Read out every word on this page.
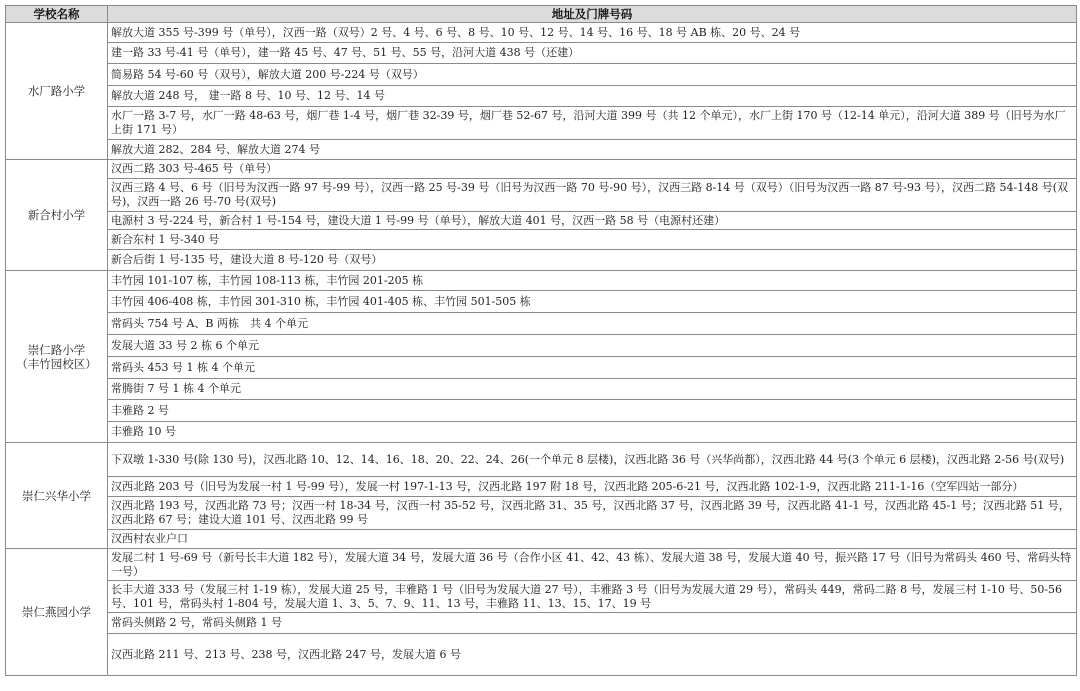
学校名称	地址及门牌号码

水厂路小学	解放大道 355 号-399 号（单号），汉西一路（双号）2 号、4 号、6 号、8 号、10 号、12 号、14 号、16 号、18 号 AB 栋、20 号、24 号
	建一路 33 号-41 号（单号），建一路 45 号、47 号、51 号、55 号，沿河大道 438 号（还建）
	简易路 54 号-60 号（双号），解放大道 200 号-224 号（双号）
	解放大道 248 号， 建一路 8 号、10 号、12 号、14 号
	水厂一路 3-7 号，水厂一路 48-63 号，烟厂巷 1-4 号，烟厂巷 32-39 号，烟厂巷 52-67 号，沿河大道 399 号（共 12 个单元），水厂上街 170 号（12-14 单元），沿河大道 389 号（旧号为水厂上街 171 号）
	解放大道 282、284 号、解放大道 274 号

新合村小学	汉西二路 303 号-465 号（单号）
	汉西三路 4 号、6 号（旧号为汉西一路 97 号-99 号），汉西一路 25 号-39 号（旧号为汉西一路 70 号-90 号），汉西三路 8-14 号（双号）（旧号为汉西一路 87 号-93 号），汉西二路 54-148 号(双号)，汉西一路 26 号-70 号(双号)
	电源村 3 号-224 号，新合村 1 号-154 号，建设大道 1 号-99 号（单号），解放大道 401 号，汉西一路 58 号（电源村还建）
	新合东村 1 号-340 号
	新合后街 1 号-135 号，建设大道 8 号-120 号（双号）

崇仁路小学
（丰竹园校区）	丰竹园 101-107 栋，丰竹园 108-113 栋，丰竹园 201-205 栋
	丰竹园 406-408 栋，丰竹园 301-310 栋，丰竹园 401-405 栋、丰竹园 501-505 栋
	常码头 754 号 A、B 两栋　共 4 个单元
	发展大道 33 号 2 栋 6 个单元
	常码头 453 号 1 栋 4 个单元
	常腾街 7 号 1 栋 4 个单元
	丰雅路 2 号
	丰雅路 10 号

崇仁兴华小学	下双墩 1-330 号(除 130 号)，汉西北路 10、12、14、16、18、20、22、24、26(一个单元 8 层楼)，汉西北路 36 号（兴华尚都），汉西北路 44 号(3 个单元 6 层楼)，汉西北路 2-56 号(双号)
	汉西北路 203 号（旧号为发展一村 1 号-99 号），发展一村 197-1-13 号，汉西北路 197 附 18 号，汉西北路 205-6-21 号，汉西北路 102-1-9，汉西北路 211-1-16（空军四站一部分）
	汉西北路 193 号，汉西北路 73 号；汉西一村 18-34 号，汉西一村 35-52 号，汉西北路 31、35 号，汉西北路 37 号，汉西北路 39 号，汉西北路 41-1 号，汉西北路 45-1 号；汉西北路 51 号，汉西北路 67 号；建设大道 101 号、汉西北路 99 号
	汉西村农业户口

崇仁燕园小学	发展二村 1 号-69 号（新号长丰大道 182 号），发展大道 34 号，发展大道 36 号（合作小区 41、42、43 栋）、发展大道 38 号，发展大道 40 号，振兴路 17 号（旧号为常码头 460 号、常码头特一号）
	长丰大道 333 号（发展三村 1-19 栋），发展大道 25 号，丰雅路 1 号（旧号为发展大道 27 号），丰雅路 3 号（旧号为发展大道 29 号），常码头 449，常码二路 8 号，发展三村 1-10 号、50-56 号、101 号，常码头村 1-804 号，发展大道 1、3、5、7、9、11、13 号，丰雅路 11、13、15、17、19 号
	常码头侧路 2 号，常码头侧路 1 号
	汉西北路 211 号、213 号、238 号，汉西北路 247 号，发展大道 6 号
